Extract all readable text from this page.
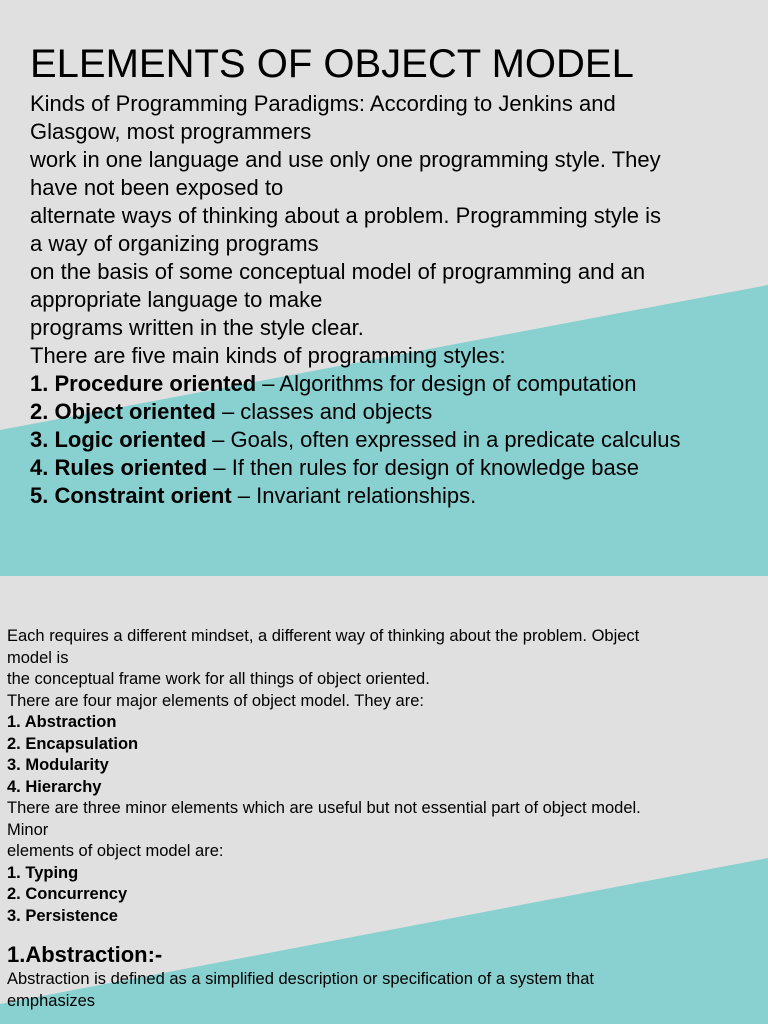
ELEMENTS OF OBJECT MODEL
Kinds of Programming Paradigms: According to Jenkins and
Glasgow, most programmers
work in one language and use only one programming style. They
have not been exposed to
alternate ways of thinking about a problem. Programming style is
a way of organizing programs
on the basis of some conceptual model of programming and an
appropriate language to make
programs written in the style clear.
There are five main kinds of programming styles:
1. Procedure oriented – Algorithms for design of computation
2. Object oriented – classes and objects
3. Logic oriented – Goals, often expressed in a predicate calculus
4. Rules oriented – If then rules for design of knowledge base
5. Constraint orient – Invariant relationships.
Each requires a different mindset, a different way of thinking about the problem. Object
model is
the conceptual frame work for all things of object oriented.
There are four major elements of object model. They are:
1. Abstraction
2. Encapsulation
3. Modularity
4. Hierarchy
There are three minor elements which are useful but not essential part of object model.
Minor
elements of object model are:
1. Typing
2. Concurrency
3. Persistence
1.Abstraction:-
Abstraction is defined as a simplified description or specification of a system that
emphasizes
